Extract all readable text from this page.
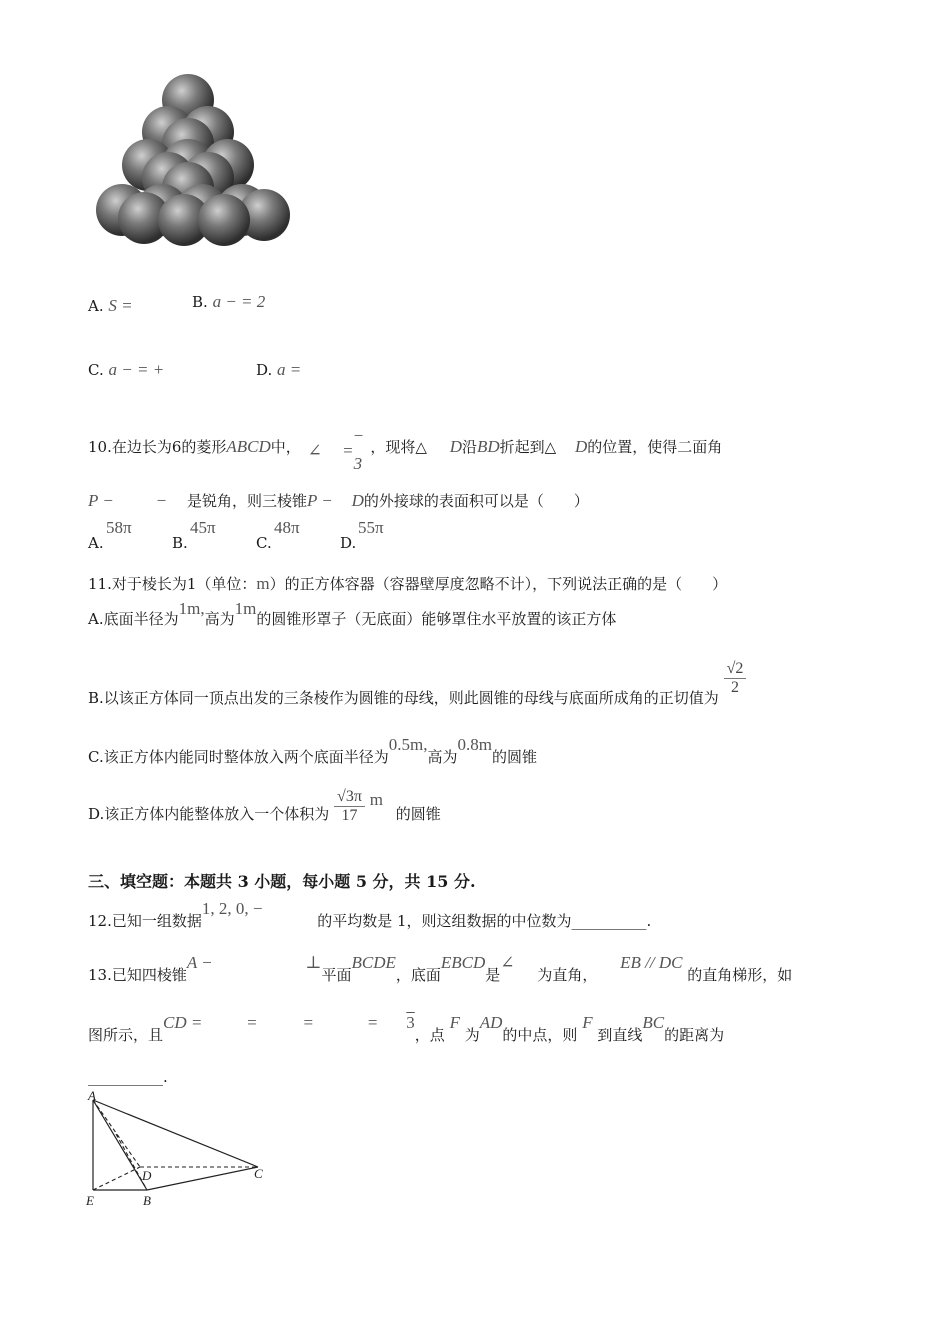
A. S =	B. a − = 2
C. a − = +	D. a =
10.在边长为6的菱形ABCD中， ∠　 =
−
3
，现将△ D沿BD折起到△ D的位置，使得二面角
P −	− 是锐角，则三棱锥P − D的外接球的表面积可以是（　　）
A.
58π
B.
45π
C.
48π
D.
55π
11.对于棱长为1（单位：m）的正方体容器（容器壁厚度忽略不计），下列说法正确的是（　　）
A.底面半径为1m,高为1m的圆锥形罩子（无底面）能够罩住水平放置的该正方体
B.以该正方体同一顶点出发的三条棱作为圆锥的母线，则此圆锥的母线与底面所成角的正切值为
$\frac{√2}{2}$
C.该正方体内能同时整体放入两个底面半径为0.5m,高为0.8m的圆锥
D.该正方体内能整体放入一个体积为 $\frac{√3\pi}{17}$ m 的圆锥
三、填空题：本题共 3 小题，每小题 5 分，共 15 分.
12.已知一组数据1, 2, 0, − 的平均数是 1，则这组数据的中位数为__________.
13.已知四棱锥A −	⊥平面BCDE，底面EBCD是∠ 为直角， EB // DC 的直角梯形，如
图所示，且CD =	=	=	= 3，点 F 为AD的中点，则 F 到直线BC的距离为
__________.
A
D	C
E	B
